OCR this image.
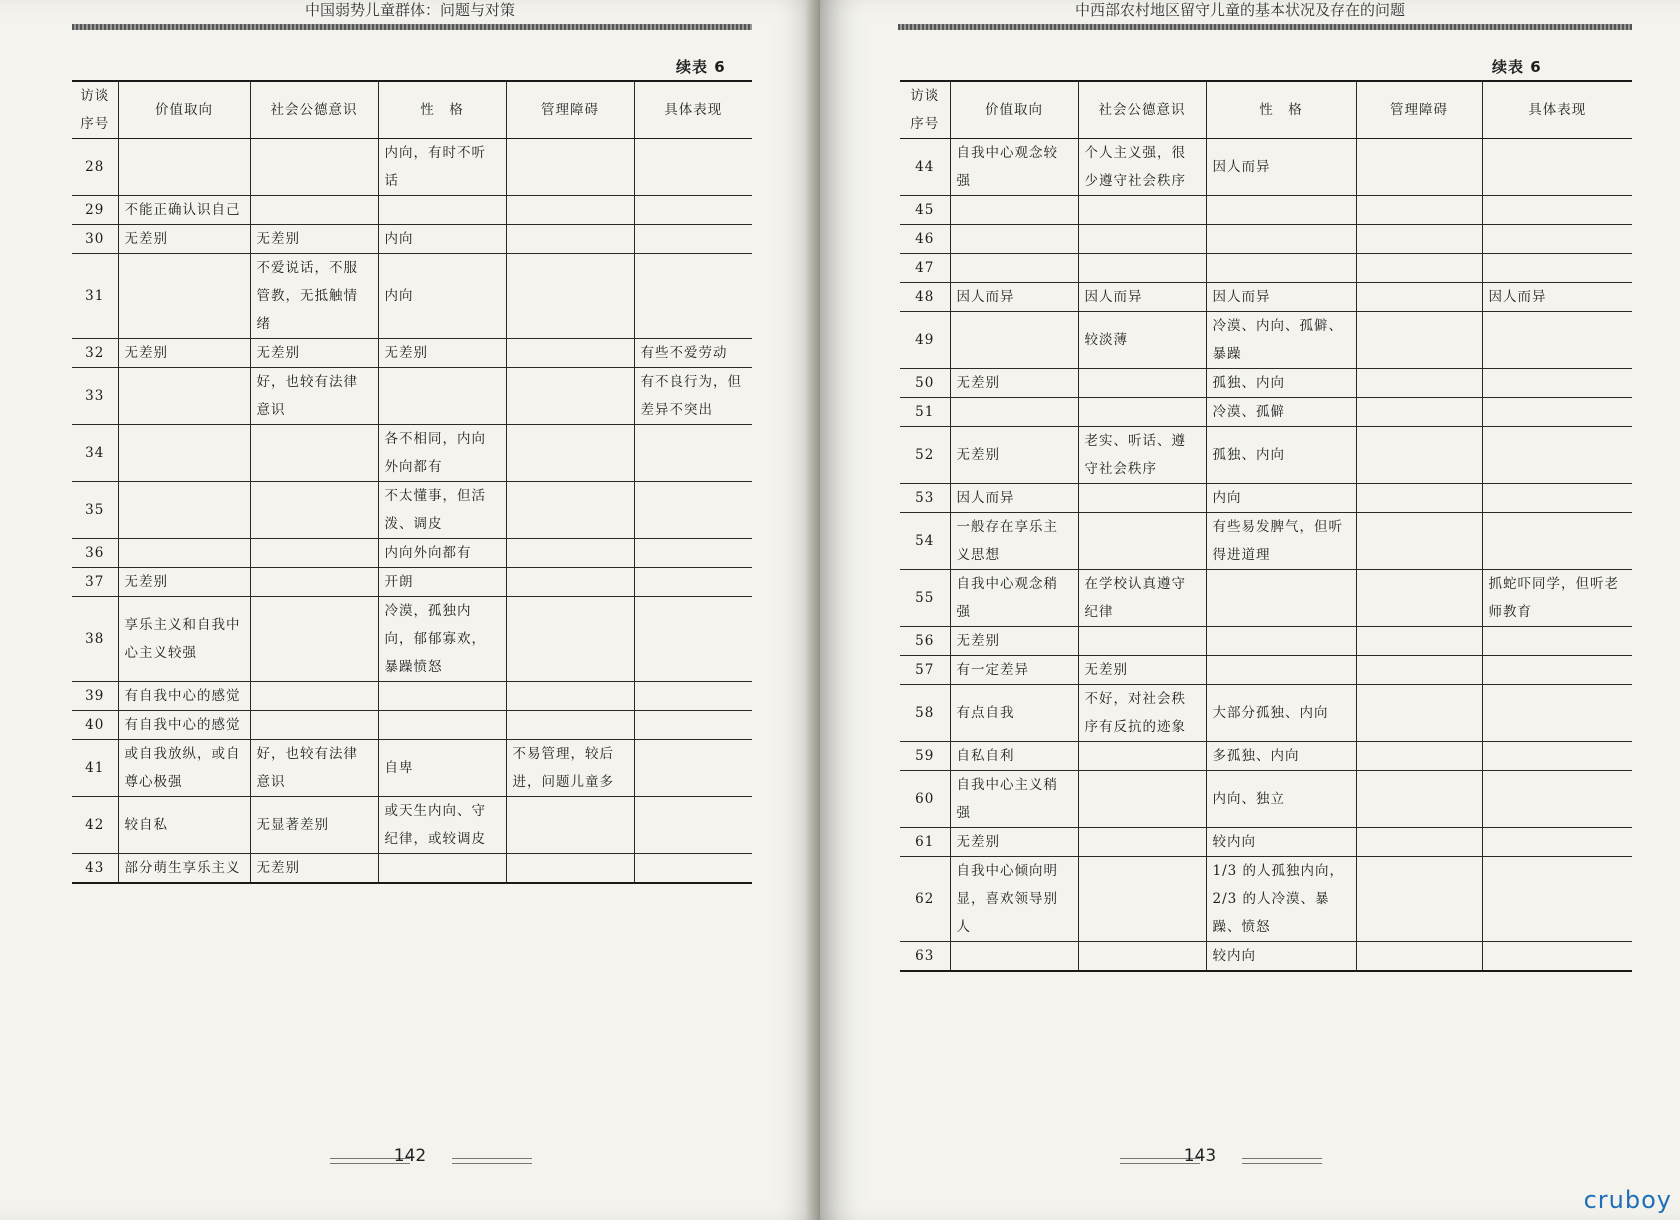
中国弱势儿童群体：问题与对策
续表 6
访谈序号	价值取向	社会公德意识	性　格	管理障碍	具体表现
28			内向，有时不听话		
29	不能正确认识自己				
30	无差别	无差别	内向		
31		不爱说话，不服管教，无抵触情绪	内向		
32	无差别	无差别	无差别		有些不爱劳动
33		好，也较有法律意识			有不良行为，但差异不突出
34			各不相同，内向外向都有		
35			不太懂事，但活泼、调皮		
36			内向外向都有		
37	无差别		开朗		
38	享乐主义和自我中心主义较强		冷漠，孤独内向，郁郁寡欢，暴躁愤怒		
39	有自我中心的感觉				
40	有自我中心的感觉				
41	或自我放纵，或自尊心极强	好，也较有法律意识	自卑	不易管理，较后进，问题儿童多	
42	较自私	无显著差别	或天生内向、守纪律，或较调皮		
43	部分萌生享乐主义	无差别			
142
中西部农村地区留守儿童的基本状况及存在的问题
续表 6
访谈序号	价值取向	社会公德意识	性　格	管理障碍	具体表现
44	自我中心观念较强	个人主义强，很少遵守社会秩序	因人而异		
45					
46					
47					
48	因人而异	因人而异	因人而异		因人而异
49		较淡薄	冷漠、内向、孤僻、暴躁		
50	无差别		孤独、内向		
51			冷漠、孤僻		
52	无差别	老实、听话、遵守社会秩序	孤独、内向		
53	因人而异		内向		
54	一般存在享乐主义思想		有些易发脾气，但听得进道理		
55	自我中心观念稍强	在学校认真遵守纪律			抓蛇吓同学，但听老师教育
56	无差别				
57	有一定差异	无差别			
58	有点自我	不好，对社会秩序有反抗的迹象	大部分孤独、内向		
59	自私自利		多孤独、内向		
60	自我中心主义稍强		内向、独立		
61	无差别		较内向		
62	自我中心倾向明显，喜欢领导别人		1/3 的人孤独内向，2/3 的人冷漠、暴躁、愤怒		
63			较内向		
143
cruboy
